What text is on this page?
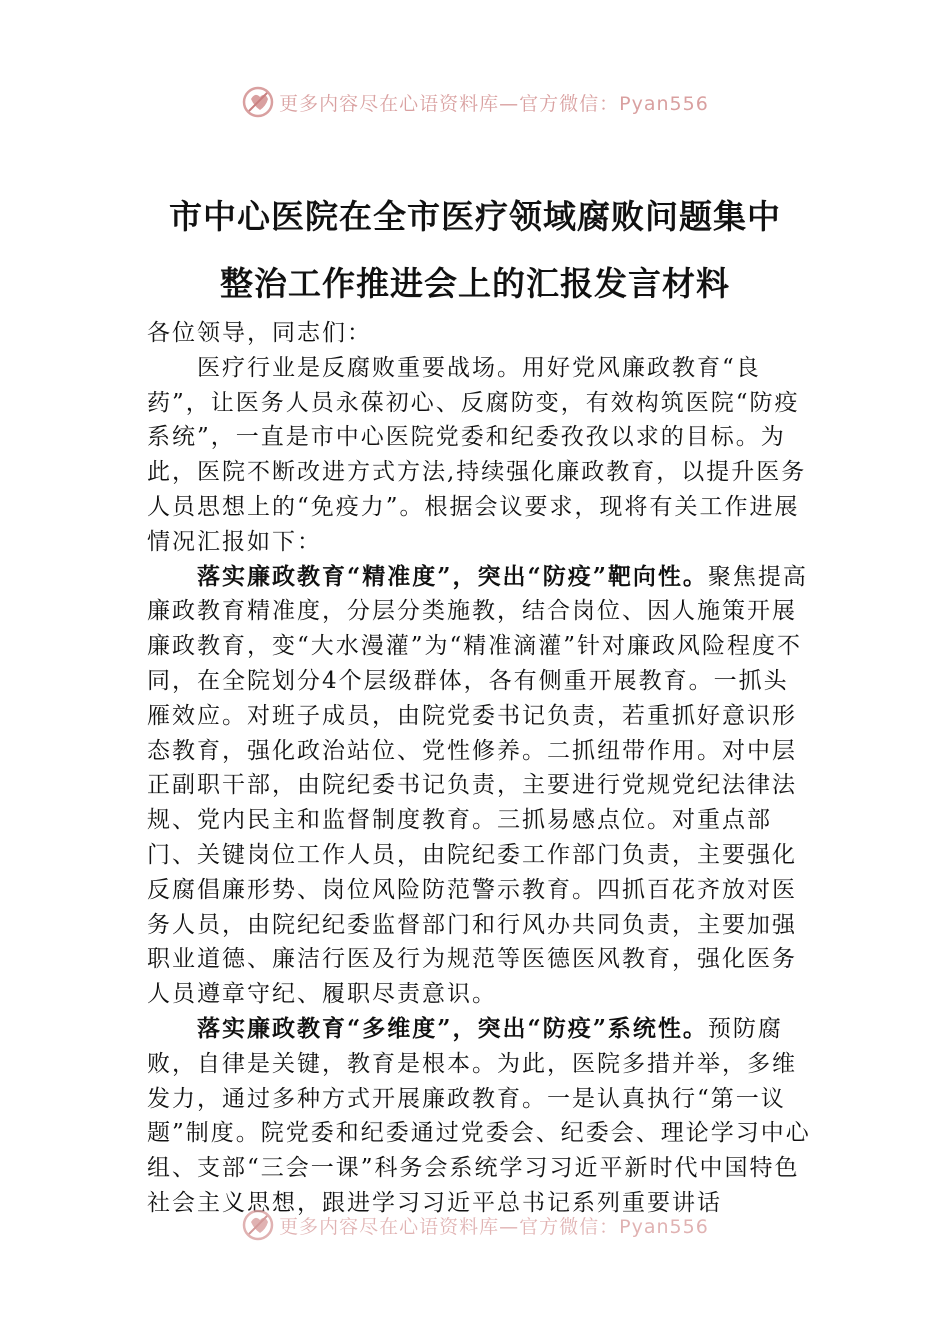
更多内容尽在心语资料库—官方微信：Pyan556
市中心医院在全市医疗领域腐败问题集中
整治工作推进会上的汇报发言材料

各位领导，同志们：

医疗行业是反腐败重要战场。用好党风廉政教育“良药”，让医务人员永葆初心、反腐防变，有效构筑医院“防疫系统”，一直是市中心医院党委和纪委孜孜以求的目标。为此，医院不断改进方式方法,持续强化廉政教育，以提升医务人员思想上的“免疫力”。根据会议要求，现将有关工作进展情况汇报如下：

落实廉政教育“精准度”，突出“防疫”靶向性。聚焦提高廉政教育精准度，分层分类施教，结合岗位、因人施策开展廉政教育，变“大水漫灌”为“精准滴灌”针对廉政风险程度不同，在全院划分4个层级群体，各有侧重开展教育。一抓头雁效应。对班子成员，由院党委书记负责，若重抓好意识形态教育，强化政治站位、党性修养。二抓纽带作用。对中层正副职干部，由院纪委书记负责，主要进行党规党纪法律法规、党内民主和监督制度教育。三抓易感点位。对重点部门、关键岗位工作人员，由院纪委工作部门负责，主要强化反腐倡廉形势、岗位风险防范警示教育。四抓百花齐放对医务人员，由院纪纪委监督部门和行风办共同负责，主要加强职业道德、廉洁行医及行为规范等医德医风教育，强化医务人员遵章守纪、履职尽责意识。

落实廉政教育“多维度”，突出“防疫”系统性。预防腐败，自律是关键，教育是根本。为此，医院多措并举，多维发力，通过多种方式开展廉政教育。一是认真执行“第一议题”制度。院党委和纪委通过党委会、纪委会、理论学习中心组、支部“三会一课”科务会系统学习习近平新时代中国特色社会主义思想，跟进学习习近平总书记系列重要讲话

更多内容尽在心语资料库—官方微信：Pyan556
